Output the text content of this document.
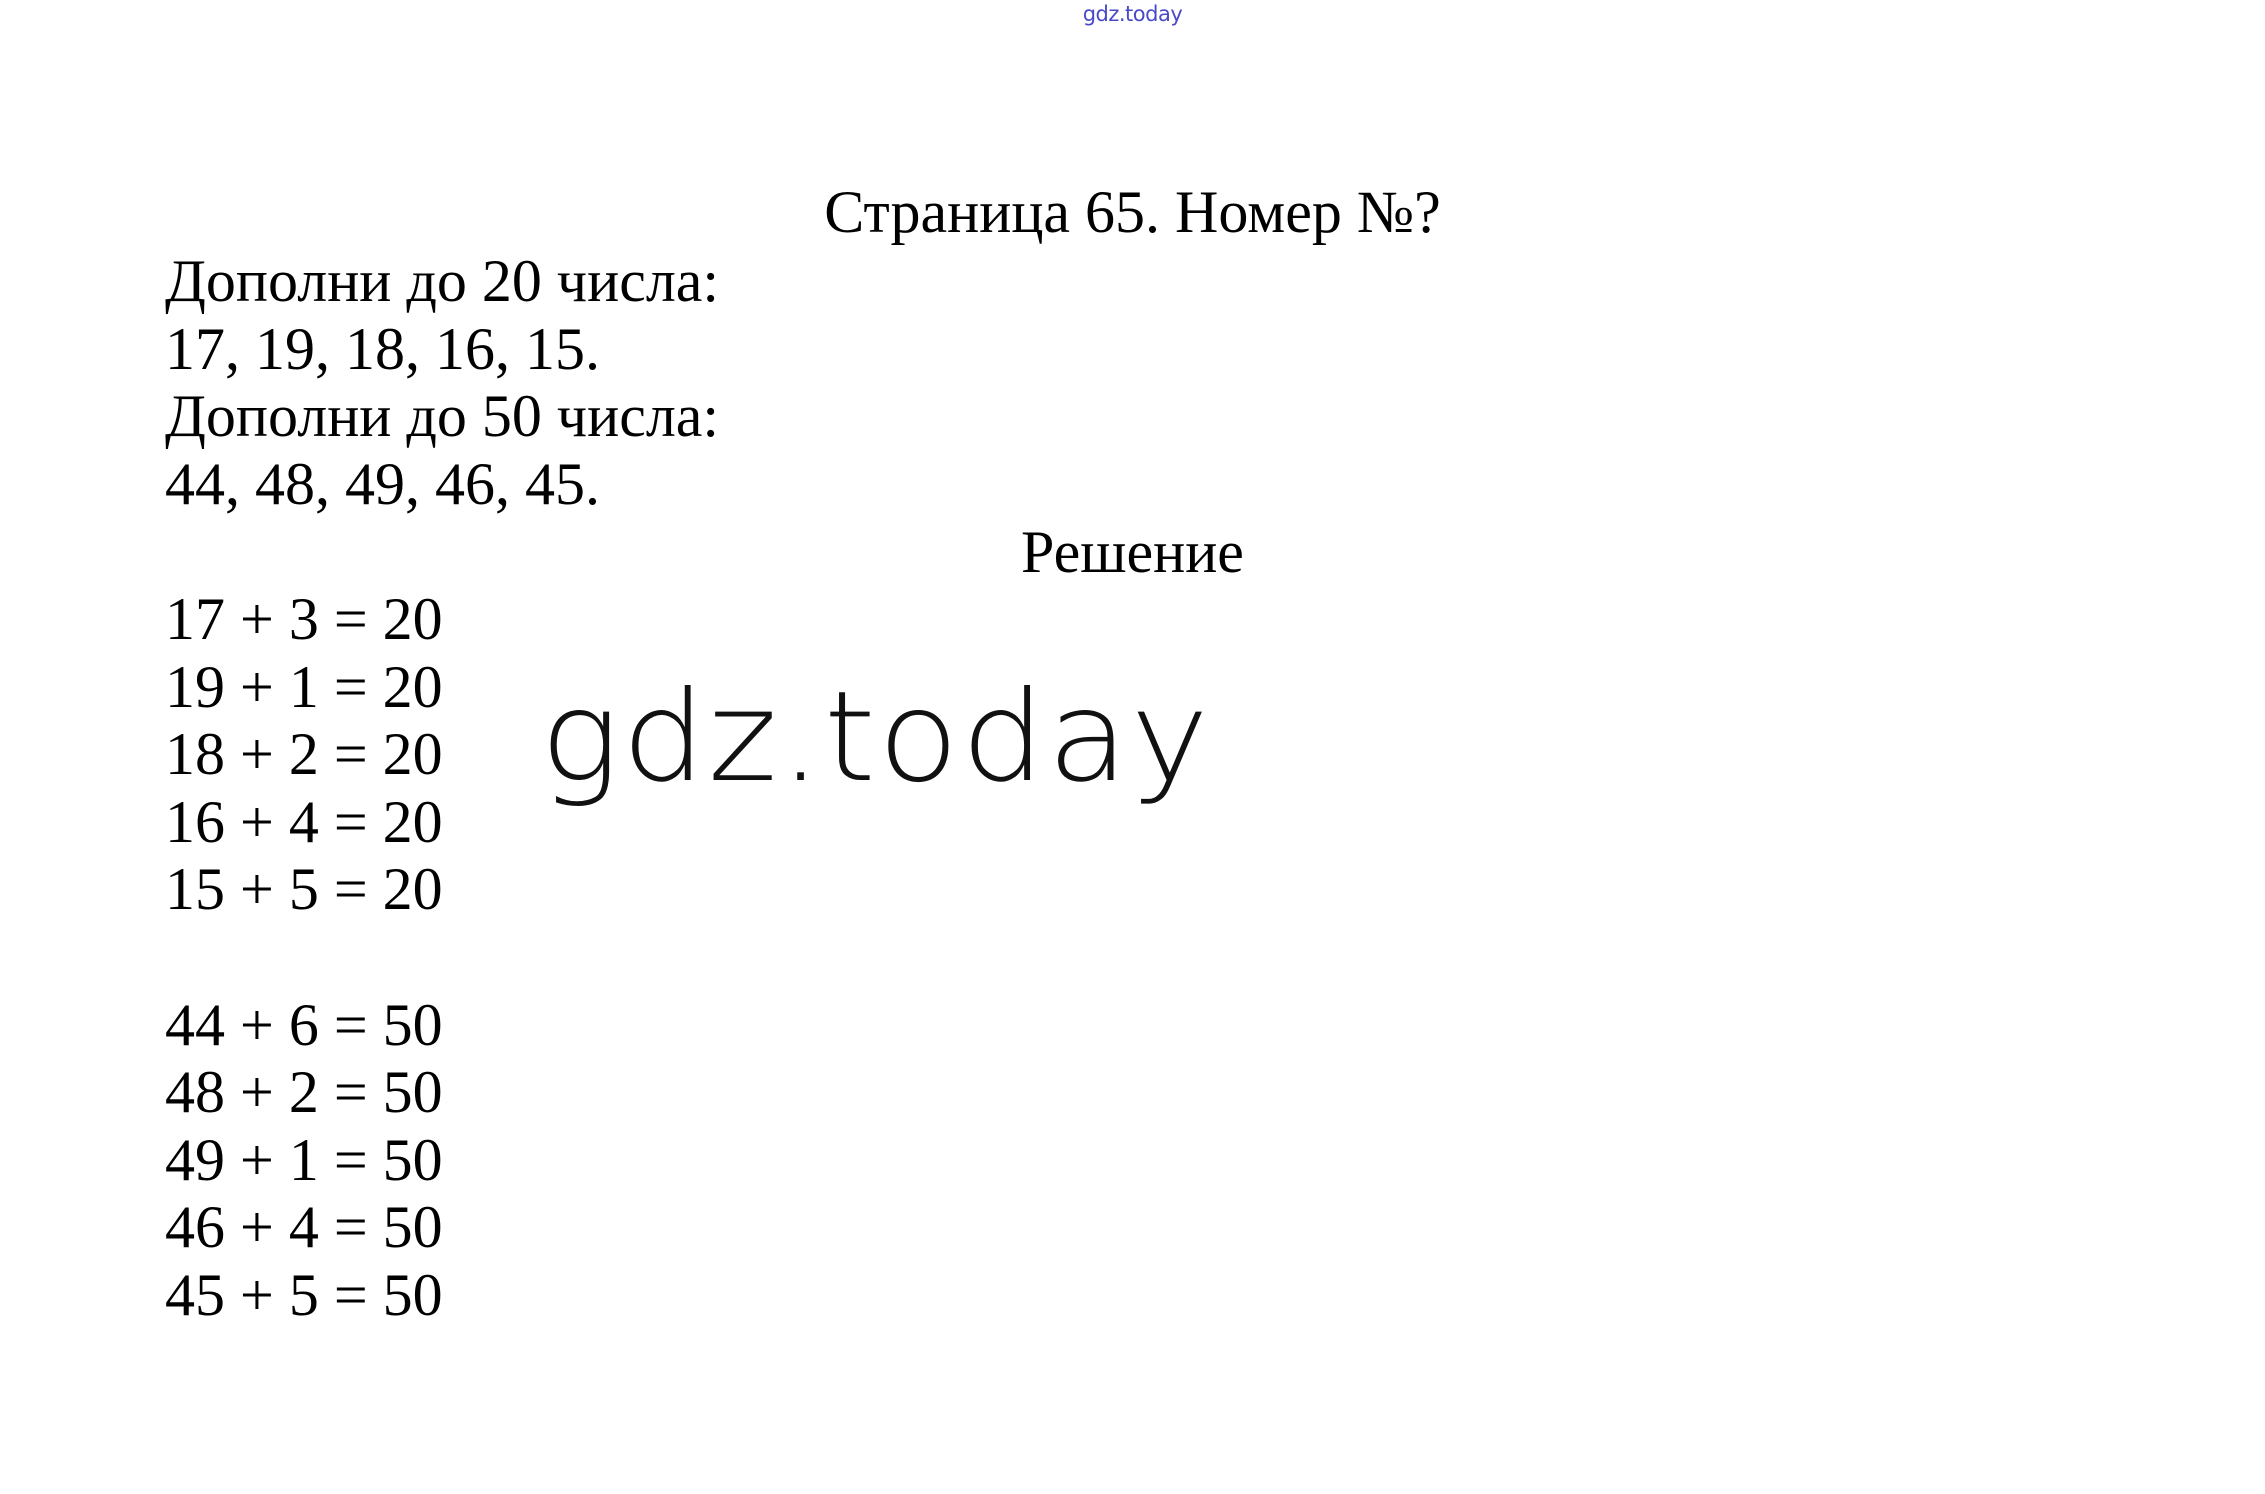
gdz.today
Страница 65. Номер №?
Дополни до 20 числа:
17, 19, 18, 16, 15.
Дополни до 50 числа:
44, 48, 49, 46, 45.
Решение
17 + 3 = 20
19 + 1 = 20
18 + 2 = 20
16 + 4 = 20
15 + 5 = 20
44 + 6 = 50
48 + 2 = 50
49 + 1 = 50
46 + 4 = 50
45 + 5 = 50
gdz.today
